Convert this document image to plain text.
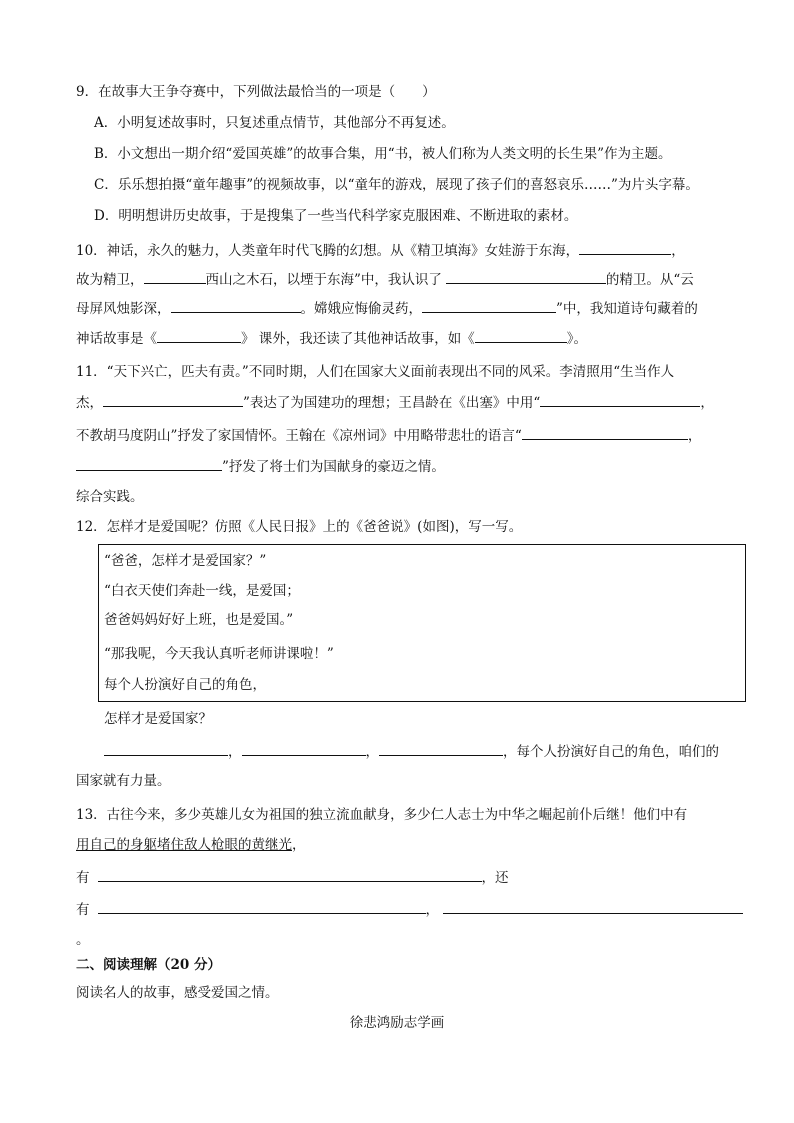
9．在故事大王争夺赛中，下列做法最恰当的一项是（　　）
A．小明复述故事时，只复述重点情节，其他部分不再复述。
B．小文想出一期介绍“爱国英雄”的故事合集，用“书，被人们称为人类文明的长生果”作为主题。
C．乐乐想拍摄“童年趣事”的视频故事，以“童年的游戏，展现了孩子们的喜怒哀乐……”为片头字幕。
D．明明想讲历史故事，于是搜集了一些当代科学家克服困难、不断进取的素材。
10．神话，永久的魅力，人类童年时代飞腾的幻想。从《精卫填海》女娃游于东海，	，
故为精卫，	西山之木石，以堙于东海”中，我认识了	的精卫。从“云
母屏风烛影深，	。嫦娥应悔偷灵药，	”中，我知道诗句藏着的
神话故事是《	》 课外，我还读了其他神话故事，如《	》。
11．“天下兴亡，匹夫有责。”不同时期，人们在国家大义面前表现出不同的风采。李清照用“生当作人
杰，	”表达了为国建功的理想；王昌龄在《出塞》中用“	，
不教胡马度阴山”抒发了家国情怀。王翰在《凉州词》中用略带悲壮的语言“	，
”抒发了将士们为国献身的豪迈之情。
综合实践。
12．怎样才是爱国呢？仿照《人民日报》上的《爸爸说》(如图)，写一写。
“爸爸，怎样才是爱国家？”
“白衣天使们奔赴一线，是爱国；
爸爸妈妈好好上班，也是爱国。”
“那我呢，今天我认真听老师讲课啦！”
每个人扮演好自己的角色，
怎样才是爱国家？
，	，	，每个人扮演好自己的角色，咱们的
国家就有力量。
13．古往今来，多少英雄儿女为祖国的独立流血献身，多少仁人志士为中华之崛起前仆后继！他们中有
用自己的身躯堵住敌人枪眼的黄继光，
有	，还
有	，
。
二、阅读理解（20 分）
阅读名人的故事，感受爱国之情。
徐悲鸿励志学画
